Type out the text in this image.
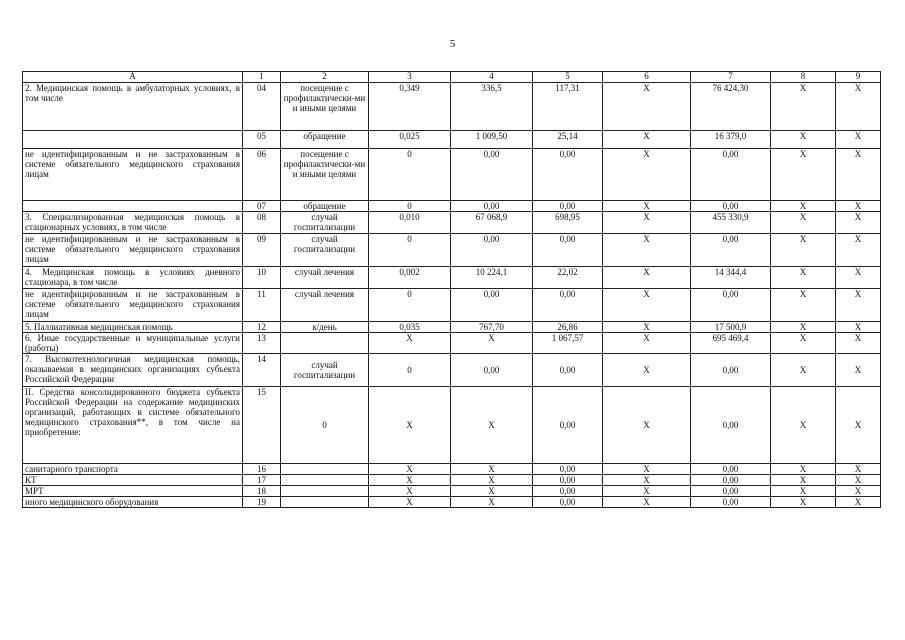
5
А	1	2	3	4	5	6	7	8	9
2. Медицинская помощь в амбулаторных условиях, в том числе	04	посещение с профилактически-ми и иными целями	0,349	336,5	117,31	X	76 424,30	X	X
	05	обращение	0,025	1 009,50	25,14	X	16 379,0	X	X
не идентифицированным и не застрахованным в системе обязательного медицинского страхования лицам	06	посещение с профилактически-ми и иными целями	0	0,00	0,00	X	0,00	X	X
	07	обращение	0	0,00	0,00	X	0,00	X	X
3. Специализированная медицинская помощь в стационарных условиях, в том числе	08	случай госпитализации	0,010	67 068,9	698,95	X	455 330,9	X	X
не идентифицированным и не застрахованным в системе обязательного медицинского страхования лицам	09	случай госпитализации	0	0,00	0,00	X	0,00	X	X
4. Медицинская помощь в условиях дневного стационара, в том числе	10	случай лечения	0,002	10 224,1	22,02	X	14 344,4	X	X
не идентифицированным и не застрахованным в системе обязательного медицинского страхования лицам	11	случай лечения	0	0,00	0,00	X	0,00	X	X
5. Паллиативная медицинская помощь	12	к/день	0,035	767,70	26,86	X	17 500,9	X	X
6. Иные государственные и муниципальные услуги (работы)	13		X	X	1 067,57	X	695 469,4	X	X
7. Высокотехнологичная медицинская помощь, оказываемая в медицинских организациях субъекта Российской Федерации	14	случай госпитализации	0	0,00	0,00	X	0,00	X	X
II. Средства консолидированного бюджета субъекта Российской Федерации на содержание медицинских организаций, работающих в системе обязательного медицинского страхования**, в том числе на приобретение:	15	0	X	X	0,00	X	0,00	X	X
санитарного транспорта	16		X	X	0,00	X	0,00	X	X
КТ	17		X	X	0,00	X	0,00	X	X
МРТ	18		X	X	0,00	X	0,00	X	X
иного медицинского оборудования	19		X	X	0,00	X	0,00	X	X
